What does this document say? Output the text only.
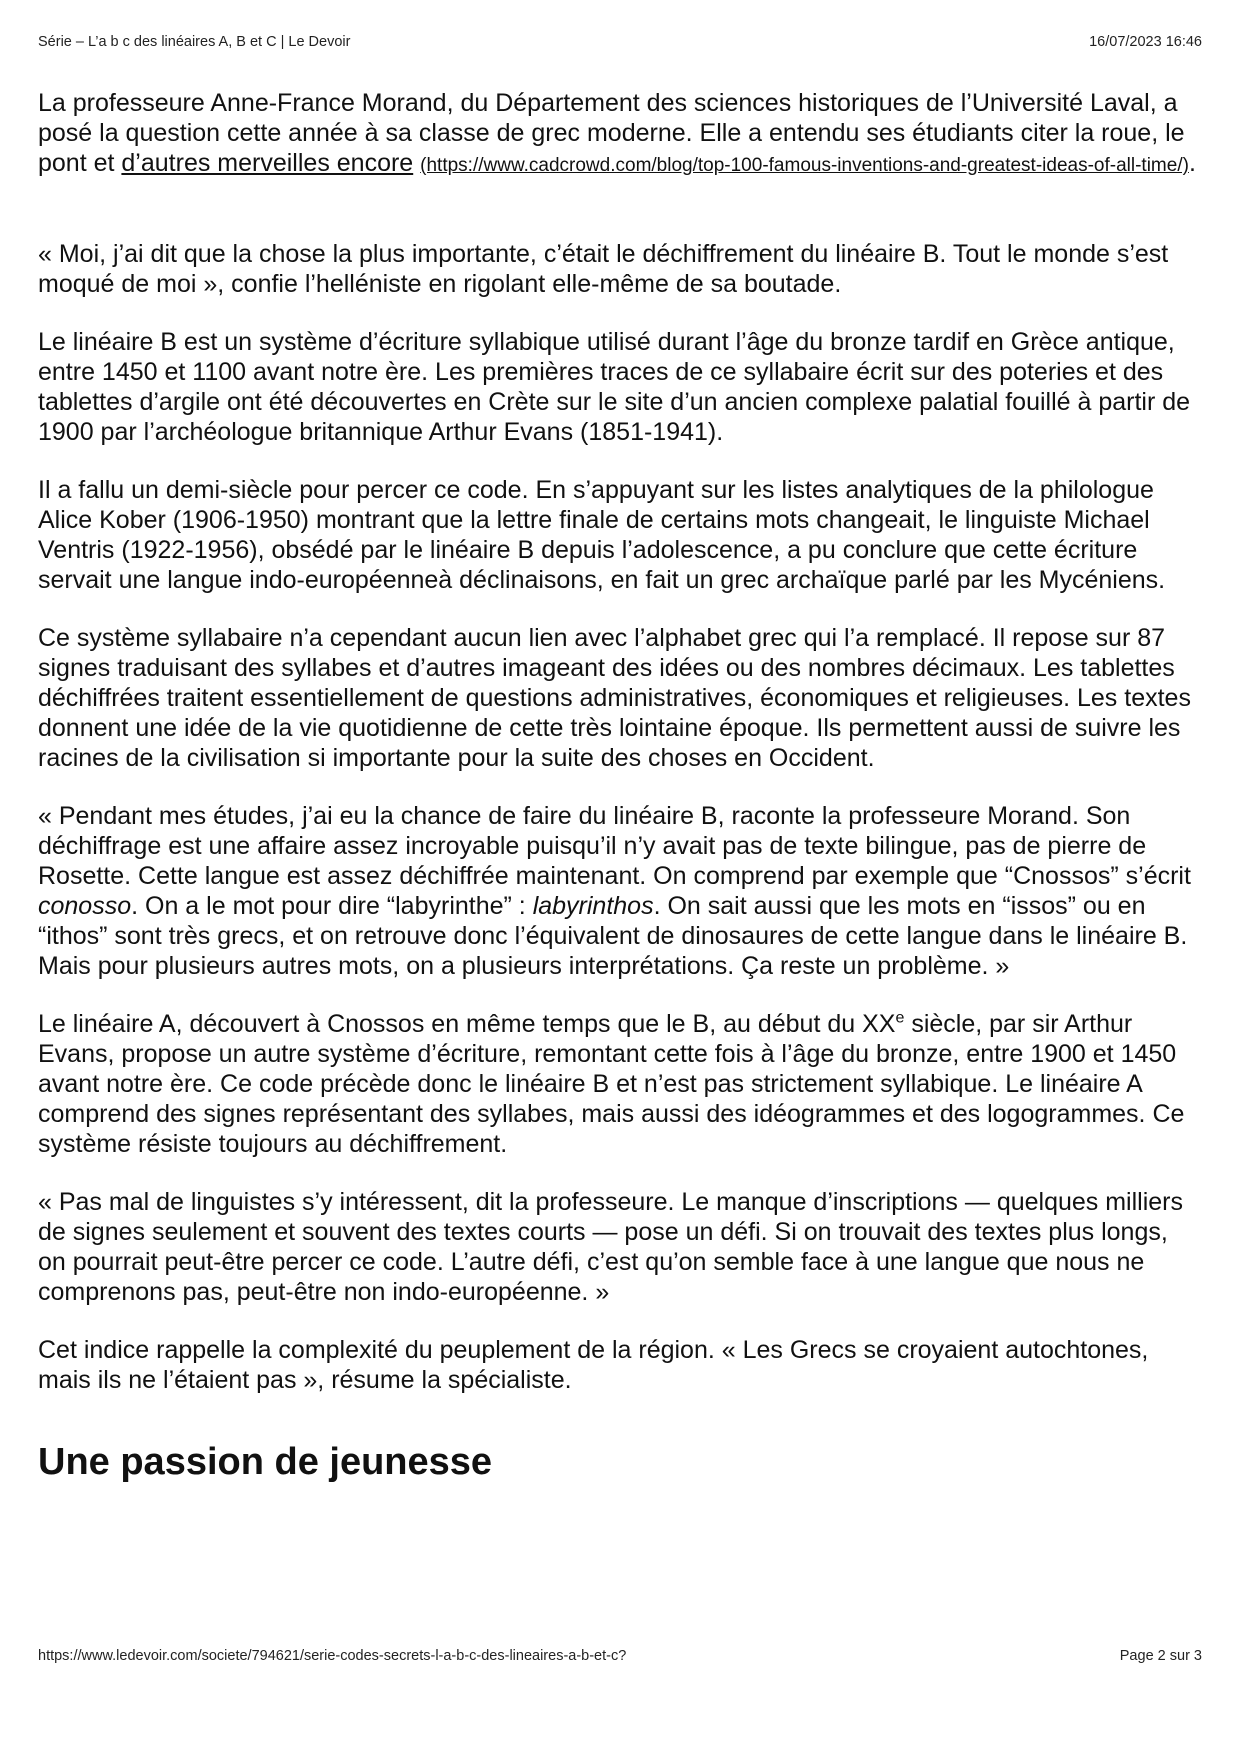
Série – L’a b c des linéaires A, B et C | Le Devoir	16/07/2023 16:46

La professeure Anne-France Morand, du Département des sciences historiques de l’Université Laval, a posé la question cette année à sa classe de grec moderne. Elle a entendu ses étudiants citer la roue, le pont et d’autres merveilles encore (https://www.cadcrowd.com/blog/top-100-famous-inventions-and-greatest-ideas-of-all-time/).

« Moi, j’ai dit que la chose la plus importante, c’était le déchiffrement du linéaire B. Tout le monde s’est moqué de moi », confie l’helléniste en rigolant elle-même de sa boutade.

Le linéaire B est un système d’écriture syllabique utilisé durant l’âge du bronze tardif en Grèce antique, entre 1450 et 1100 avant notre ère. Les premières traces de ce syllabaire écrit sur des poteries et des tablettes d’argile ont été découvertes en Crète sur le site d’un ancien complexe palatial fouillé à partir de 1900 par l’archéologue britannique Arthur Evans (1851-1941).

Il a fallu un demi-siècle pour percer ce code. En s’appuyant sur les listes analytiques de la philologue Alice Kober (1906-1950) montrant que la lettre finale de certains mots changeait, le linguiste Michael Ventris (1922-1956), obsédé par le linéaire B depuis l’adolescence, a pu conclure que cette écriture servait une langue indo-européenneà déclinaisons, en fait un grec archaïque parlé par les Mycéniens.

Ce système syllabaire n’a cependant aucun lien avec l’alphabet grec qui l’a remplacé. Il repose sur 87 signes traduisant des syllabes et d’autres imageant des idées ou des nombres décimaux. Les tablettes déchiffrées traitent essentiellement de questions administratives, économiques et religieuses. Les textes donnent une idée de la vie quotidienne de cette très lointaine époque. Ils permettent aussi de suivre les racines de la civilisation si importante pour la suite des choses en Occident.

« Pendant mes études, j’ai eu la chance de faire du linéaire B, raconte la professeure Morand. Son déchiffrage est une affaire assez incroyable puisqu’il n’y avait pas de texte bilingue, pas de pierre de Rosette. Cette langue est assez déchiffrée maintenant. On comprend par exemple que “Cnossos” s’écrit conosso. On a le mot pour dire “labyrinthe” : labyrinthos. On sait aussi que les mots en “issos” ou en “ithos” sont très grecs, et on retrouve donc l’équivalent de dinosaures de cette langue dans le linéaire B. Mais pour plusieurs autres mots, on a plusieurs interprétations. Ça reste un problème. »

Le linéaire A, découvert à Cnossos en même temps que le B, au début du XXe siècle, par sir Arthur Evans, propose un autre système d’écriture, remontant cette fois à l’âge du bronze, entre 1900 et 1450 avant notre ère. Ce code précède donc le linéaire B et n’est pas strictement syllabique. Le linéaire A comprend des signes représentant des syllabes, mais aussi des idéogrammes et des logogrammes. Ce système résiste toujours au déchiffrement.

« Pas mal de linguistes s’y intéressent, dit la professeure. Le manque d’inscriptions — quelques milliers de signes seulement et souvent des textes courts — pose un défi. Si on trouvait des textes plus longs, on pourrait peut-être percer ce code. L’autre défi, c’est qu’on semble face à une langue que nous ne comprenons pas, peut-être non indo-européenne. »

Cet indice rappelle la complexité du peuplement de la région. « Les Grecs se croyaient autochtones, mais ils ne l’étaient pas », résume la spécialiste.

Une passion de jeunesse
https://www.ledevoir.com/societe/794621/serie-codes-secrets-l-a-b-c-des-lineaires-a-b-et-c?	Page 2 sur 3
